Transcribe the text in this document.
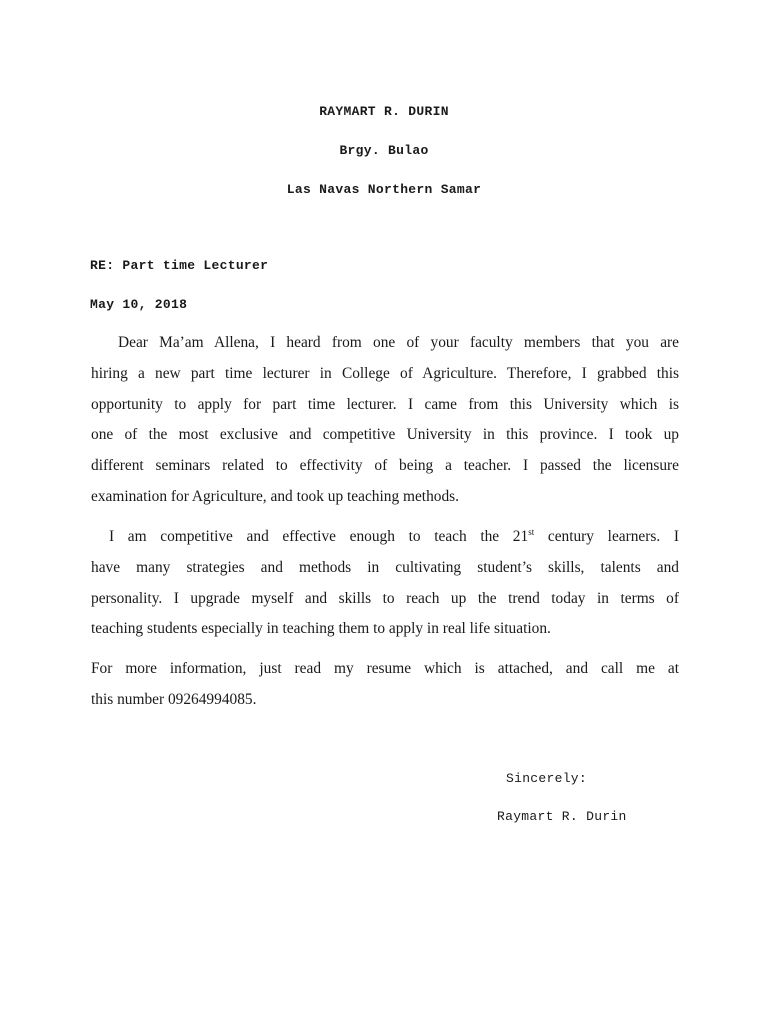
RAYMART R. DURIN
Brgy. Bulao
Las Navas Northern Samar
RE: Part time Lecturer
May 10, 2018

Dear Ma’am Allena, I heard from one of your faculty members that you are
hiring a new part time lecturer in College of Agriculture. Therefore, I grabbed this
opportunity to apply for part time lecturer. I came from this University which is
one of the most exclusive and competitive University in this province. I took up
different seminars related to effectivity of being a teacher. I passed the licensure
examination for Agriculture, and took up teaching methods.

I am competitive and effective enough to teach the 21st century learners. I
have many strategies and methods in cultivating student’s skills, talents and
personality. I upgrade myself and skills to reach up the trend today in terms of
teaching students especially in teaching them to apply in real life situation.

For more information, just read my resume which is attached, and call me at
this number 09264994085.

Sincerely:
Raymart R. Durin
